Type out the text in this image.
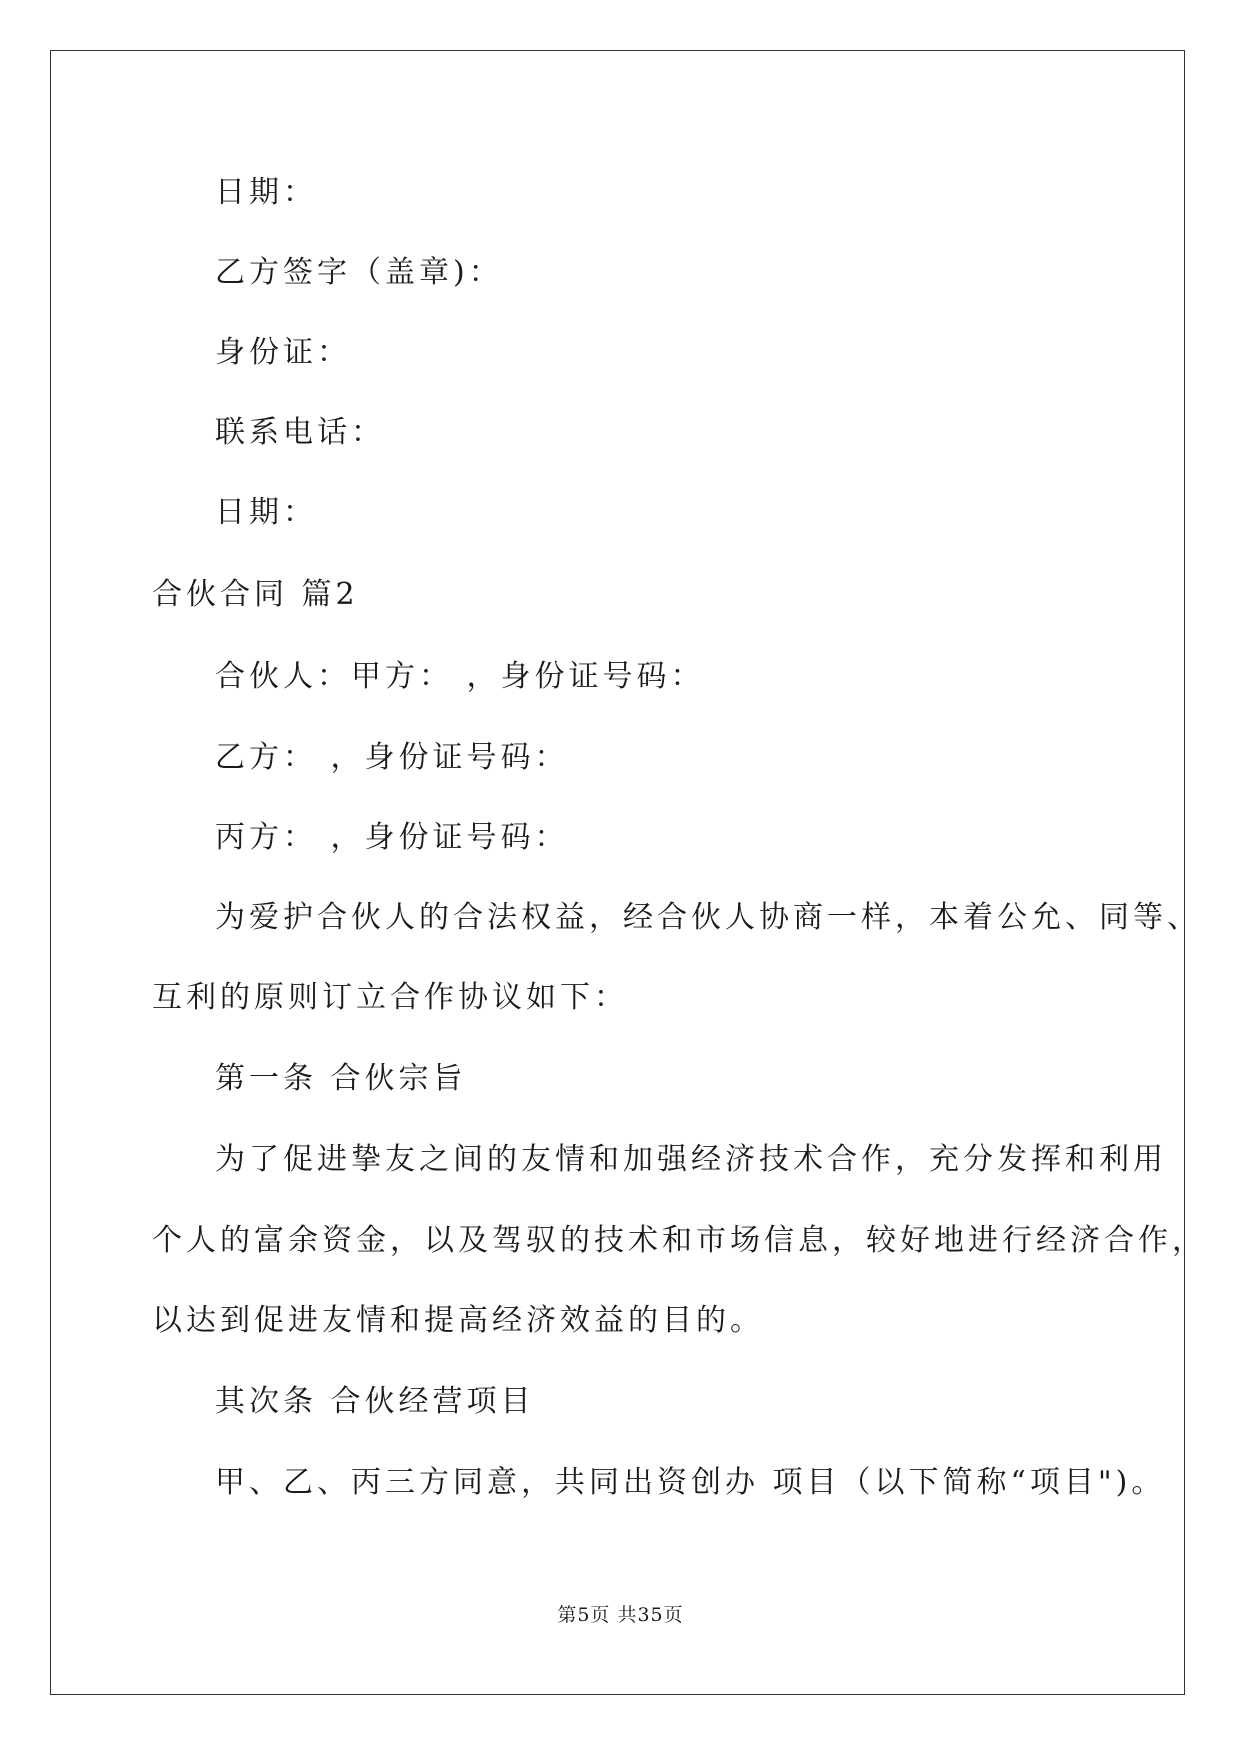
日期：

乙方签字（盖章)：

身份证：

联系电话：

日期：

合伙合同 篇2

合伙人：甲方： ，身份证号码：

乙方： ，身份证号码：

丙方： ，身份证号码：

为爱护合伙人的合法权益，经合伙人协商一样，本着公允、同等、

互利的原则订立合作协议如下：

第一条 合伙宗旨

为了促进挚友之间的友情和加强经济技术合作，充分发挥和利用

个人的富余资金，以及驾驭的技术和市场信息，较好地进行经济合作，

以达到促进友情和提高经济效益的目的。

其次条 合伙经营项目

甲、乙、丙三方同意，共同出资创办 项目（以下简称“项目")。

第5页 共35页
